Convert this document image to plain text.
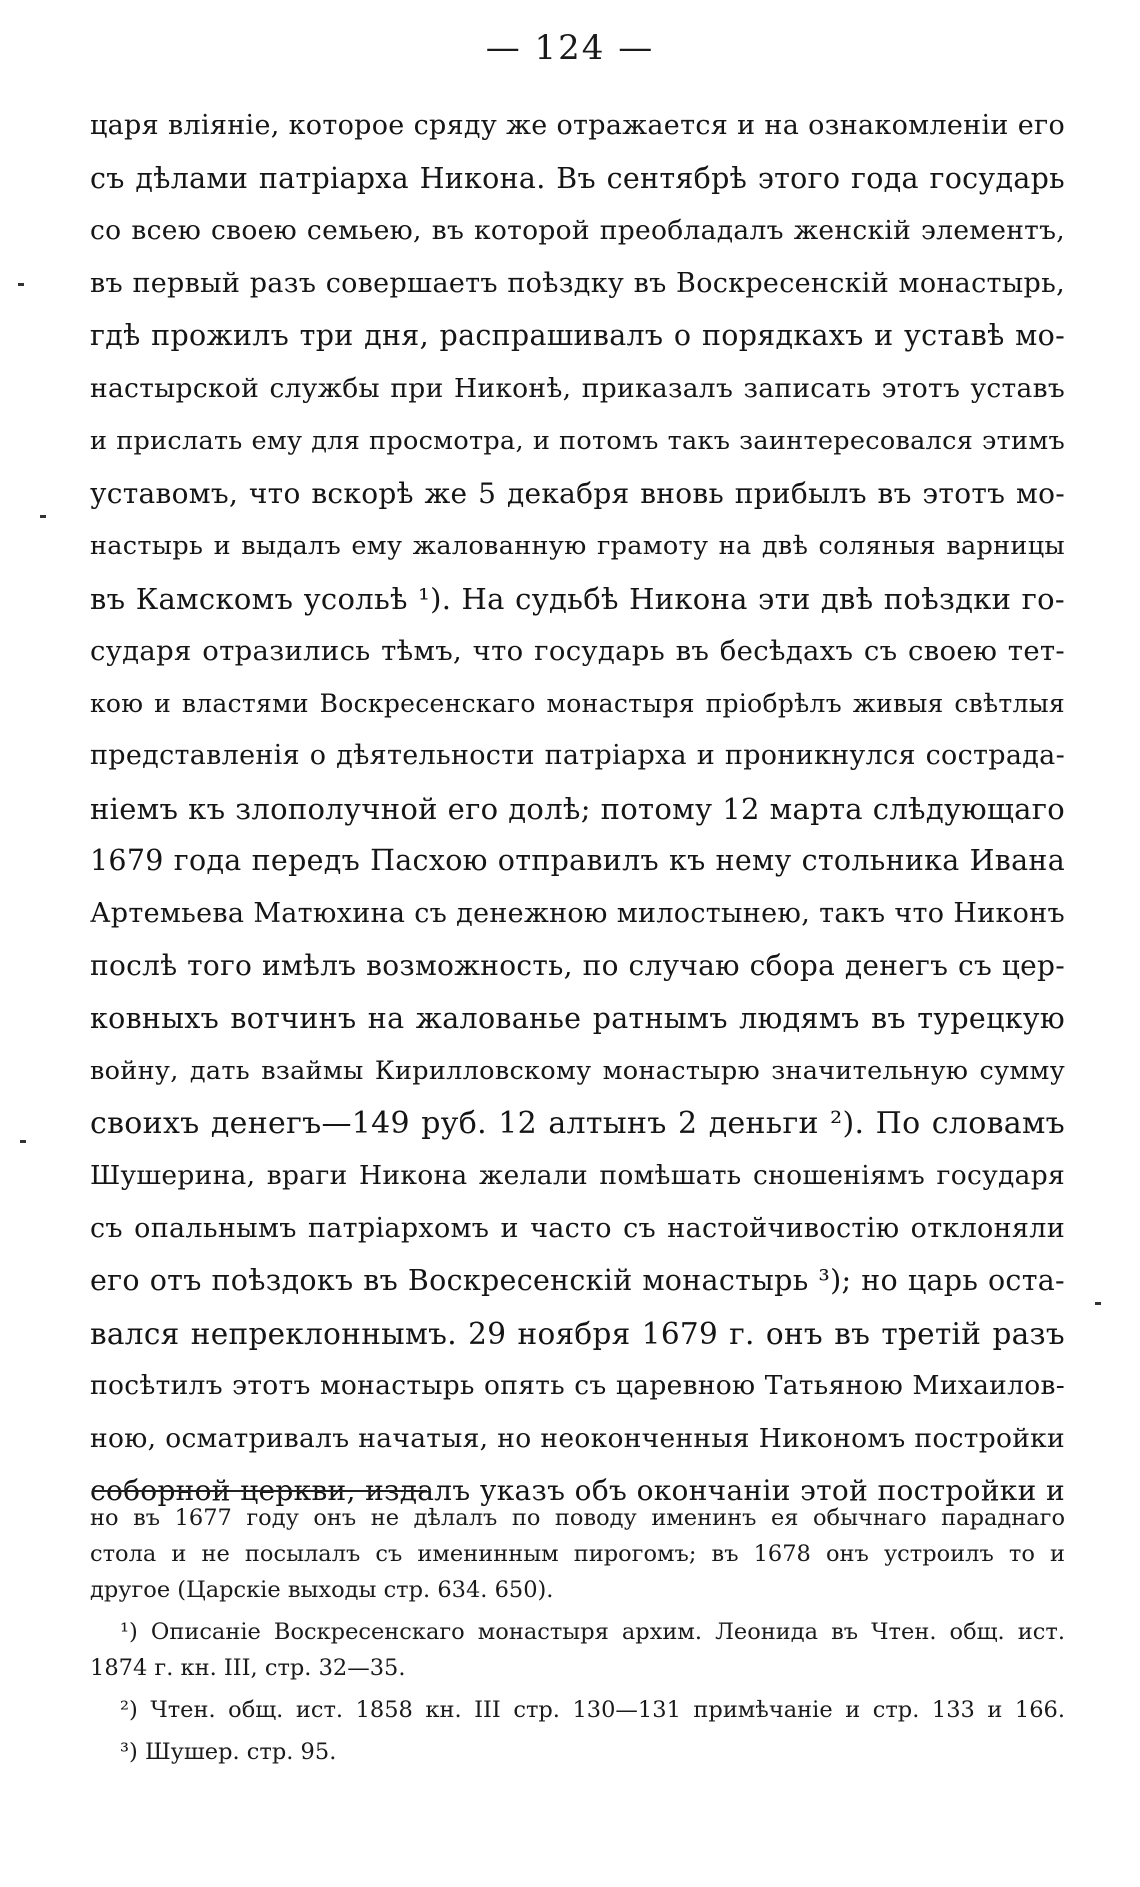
— 124 —
царя вліяніе, которое сряду же отражается и на ознакомленіи его
съ дѣлами патріарха Никона. Въ сентябрѣ этого года государь
со всею своею семьею, въ которой преобладалъ женскій элементъ,
въ первый разъ совершаетъ поѣздку въ Воскресенскій монастырь,
гдѣ прожилъ три дня, распрашивалъ о порядкахъ и уставѣ мо-
настырской службы при Никонѣ, приказалъ записать этотъ уставъ
и прислать ему для просмотра, и потомъ такъ заинтересовался этимъ
уставомъ, что вскорѣ же 5 декабря вновь прибылъ въ этотъ мо-
настырь и выдалъ ему жалованную грамоту на двѣ соляныя варницы
въ Камскомъ усольѣ ¹). На судьбѣ Никона эти двѣ поѣздки го-
сударя отразились тѣмъ, что государь въ бесѣдахъ съ своею тет-
кою и властями Воскресенскаго монастыря пріобрѣлъ живыя свѣтлыя
представленія о дѣятельности патріарха и проникнулся сострада-
ніемъ къ злополучной его долѣ; потому 12 марта слѣдующаго
1679 года передъ Пасхою отправилъ къ нему стольника Ивана
Артемьева Матюхина съ денежною милостынею, такъ что Никонъ
послѣ того имѣлъ возможность, по случаю сбора денегъ съ цер-
ковныхъ вотчинъ на жалованье ратнымъ людямъ въ турецкую
войну, дать взаймы Кирилловскому монастырю значительную сумму
своихъ денегъ—149 руб. 12 алтынъ 2 деньги ²). По словамъ
Шушерина, враги Никона желали помѣшать сношеніямъ государя
съ опальнымъ патріархомъ и часто съ настойчивостію отклоняли
его отъ поѣздокъ въ Воскресенскій монастырь ³); но царь оста-
вался непреклоннымъ. 29 ноября 1679 г. онъ въ третій разъ
посѣтилъ этотъ монастырь опять съ царевною Татьяною Михаилов-
ною, осматривалъ начатыя, но неоконченныя Никономъ постройки
соборной церкви, издалъ указъ объ окончаніи этой постройки и
но въ 1677 году онъ не дѣлалъ по поводу именинъ ея обычнаго параднаго
стола и не посылалъ съ именинным пирогомъ; въ 1678 онъ устроилъ то и
другое (Царскіе выходы стр. 634. 650).
¹) Описаніе Воскресенскаго монастыря архим. Леонида въ Чтен. общ. ист.
1874 г. кн. III, стр. 32—35.
²) Чтен. общ. ист. 1858 кн. III стр. 130—131 примѣчаніе и стр. 133 и 166.
³) Шушер. стр. 95.
